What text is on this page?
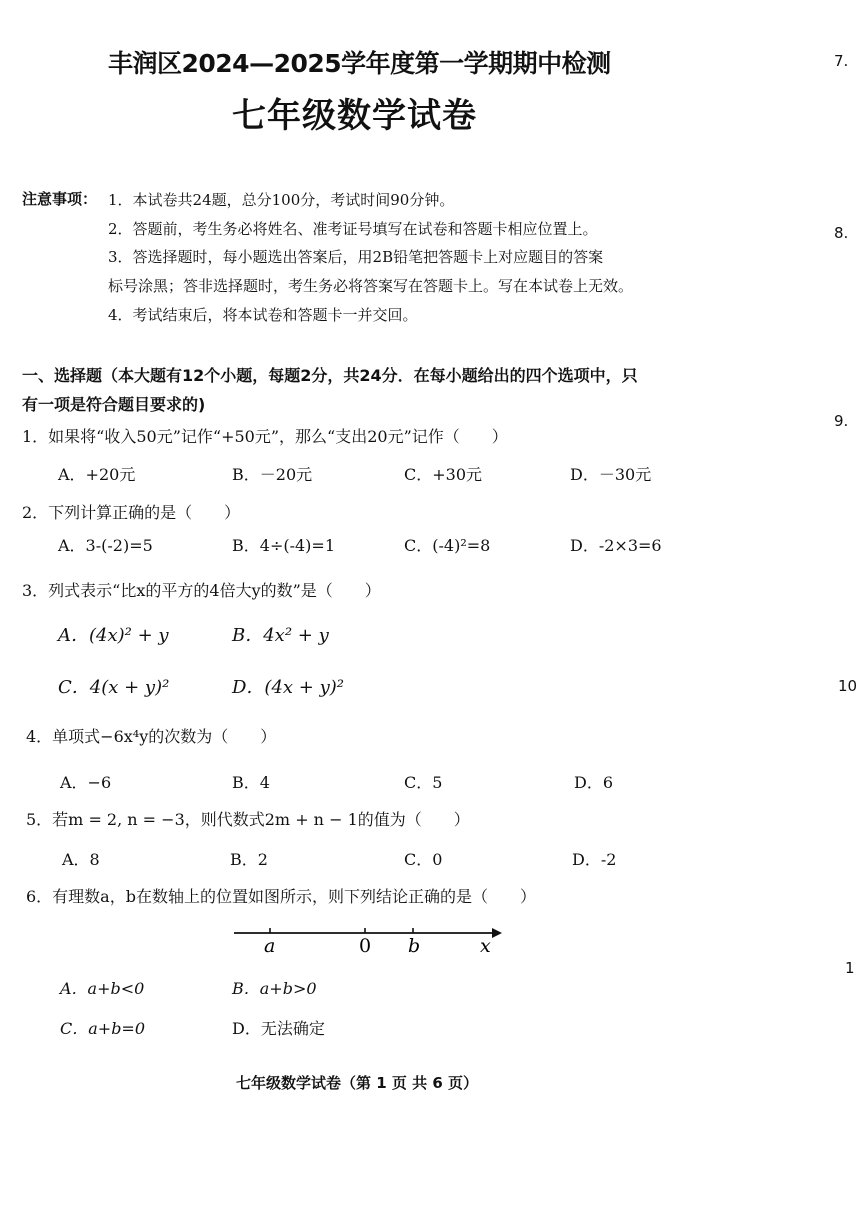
丰润区2024—2025学年度第一学期期中检测
七年级数学试卷
注意事项： 1．本试卷共24题，总分100分，考试时间90分钟。
2．答题前，考生务必将姓名、准考证号填写在试卷和答题卡相应位置上。
3．答选择题时，每小题选出答案后，用2B铅笔把答题卡上对应题目的答案
标号涂黑；答非选择题时，考生务必将答案写在答题卡上。写在本试卷上无效。
4．考试结束后，将本试卷和答题卡一并交回。
一、选择题（本大题有12个小题，每题2分，共24分．在每小题给出的四个选项中，只
有一项是符合题目要求的)
1．如果将“收入50元”记作“+50元”，那么“支出20元”记作（　　）
A．+20元	B．－20元	C．+30元	D．－30元
2．下列计算正确的是（　　）
A．3-(-2)=5	B．4÷(-4)=1	C．(-4)²=8	D．-2×3=6
3．列式表示“比x的平方的4倍大y的数”是（　　）
A．(4x)² + y	B．4x² + y
C．4(x + y)²	D．(4x + y)²
4．单项式−6x⁴y的次数为（　　）
A．−6	B．4	C．5	D．6
5．若m = 2, n = −3，则代数式2m + n − 1的值为（　　）
A．8	B．2	C．0	D．-2
6．有理数a，b在数轴上的位置如图所示，则下列结论正确的是（　　）
a	0 b	x
A．a+b<0	B．a+b>0
C．a+b=0	D．无法确定
七年级数学试卷（第 1 页 共 6 页）
7.
8.
9.
10
1
